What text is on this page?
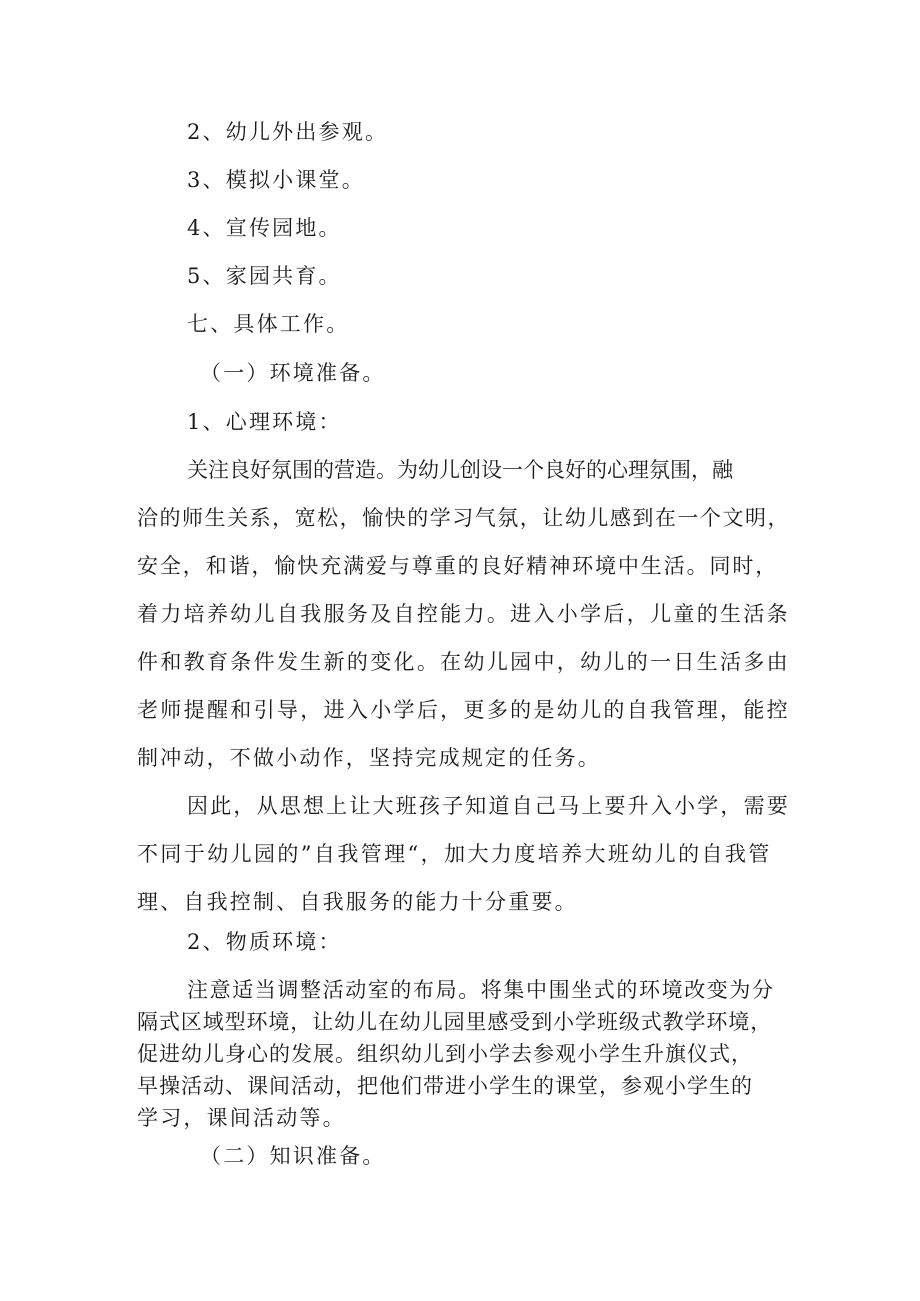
2、幼儿外出参观。
3、模拟小课堂。
4、宣传园地。
5、家园共育。
七、具体工作。
（一）环境准备。
1、心理环境：
关注良好氛围的营造。为幼儿创设一个良好的心理氛围，融
洽的师生关系，宽松，愉快的学习气氛，让幼儿感到在一个文明，
安全，和谐，愉快充满爱与尊重的良好精神环境中生活。同时，
着力培养幼儿自我服务及自控能力。进入小学后，儿童的生活条
件和教育条件发生新的变化。在幼儿园中，幼儿的一日生活多由
老师提醒和引导，进入小学后，更多的是幼儿的自我管理，能控
制冲动，不做小动作，坚持完成规定的任务。
因此，从思想上让大班孩子知道自己马上要升入小学，需要
不同于幼儿园的”自我管理“，加大力度培养大班幼儿的自我管
理、自我控制、自我服务的能力十分重要。
2、物质环境：
注意适当调整活动室的布局。将集中围坐式的环境改变为分
隔式区域型环境，让幼儿在幼儿园里感受到小学班级式教学环境，
促进幼儿身心的发展。组织幼儿到小学去参观小学生升旗仪式，
早操活动、课间活动，把他们带进小学生的课堂，参观小学生的
学习，课间活动等。
（二）知识准备。
